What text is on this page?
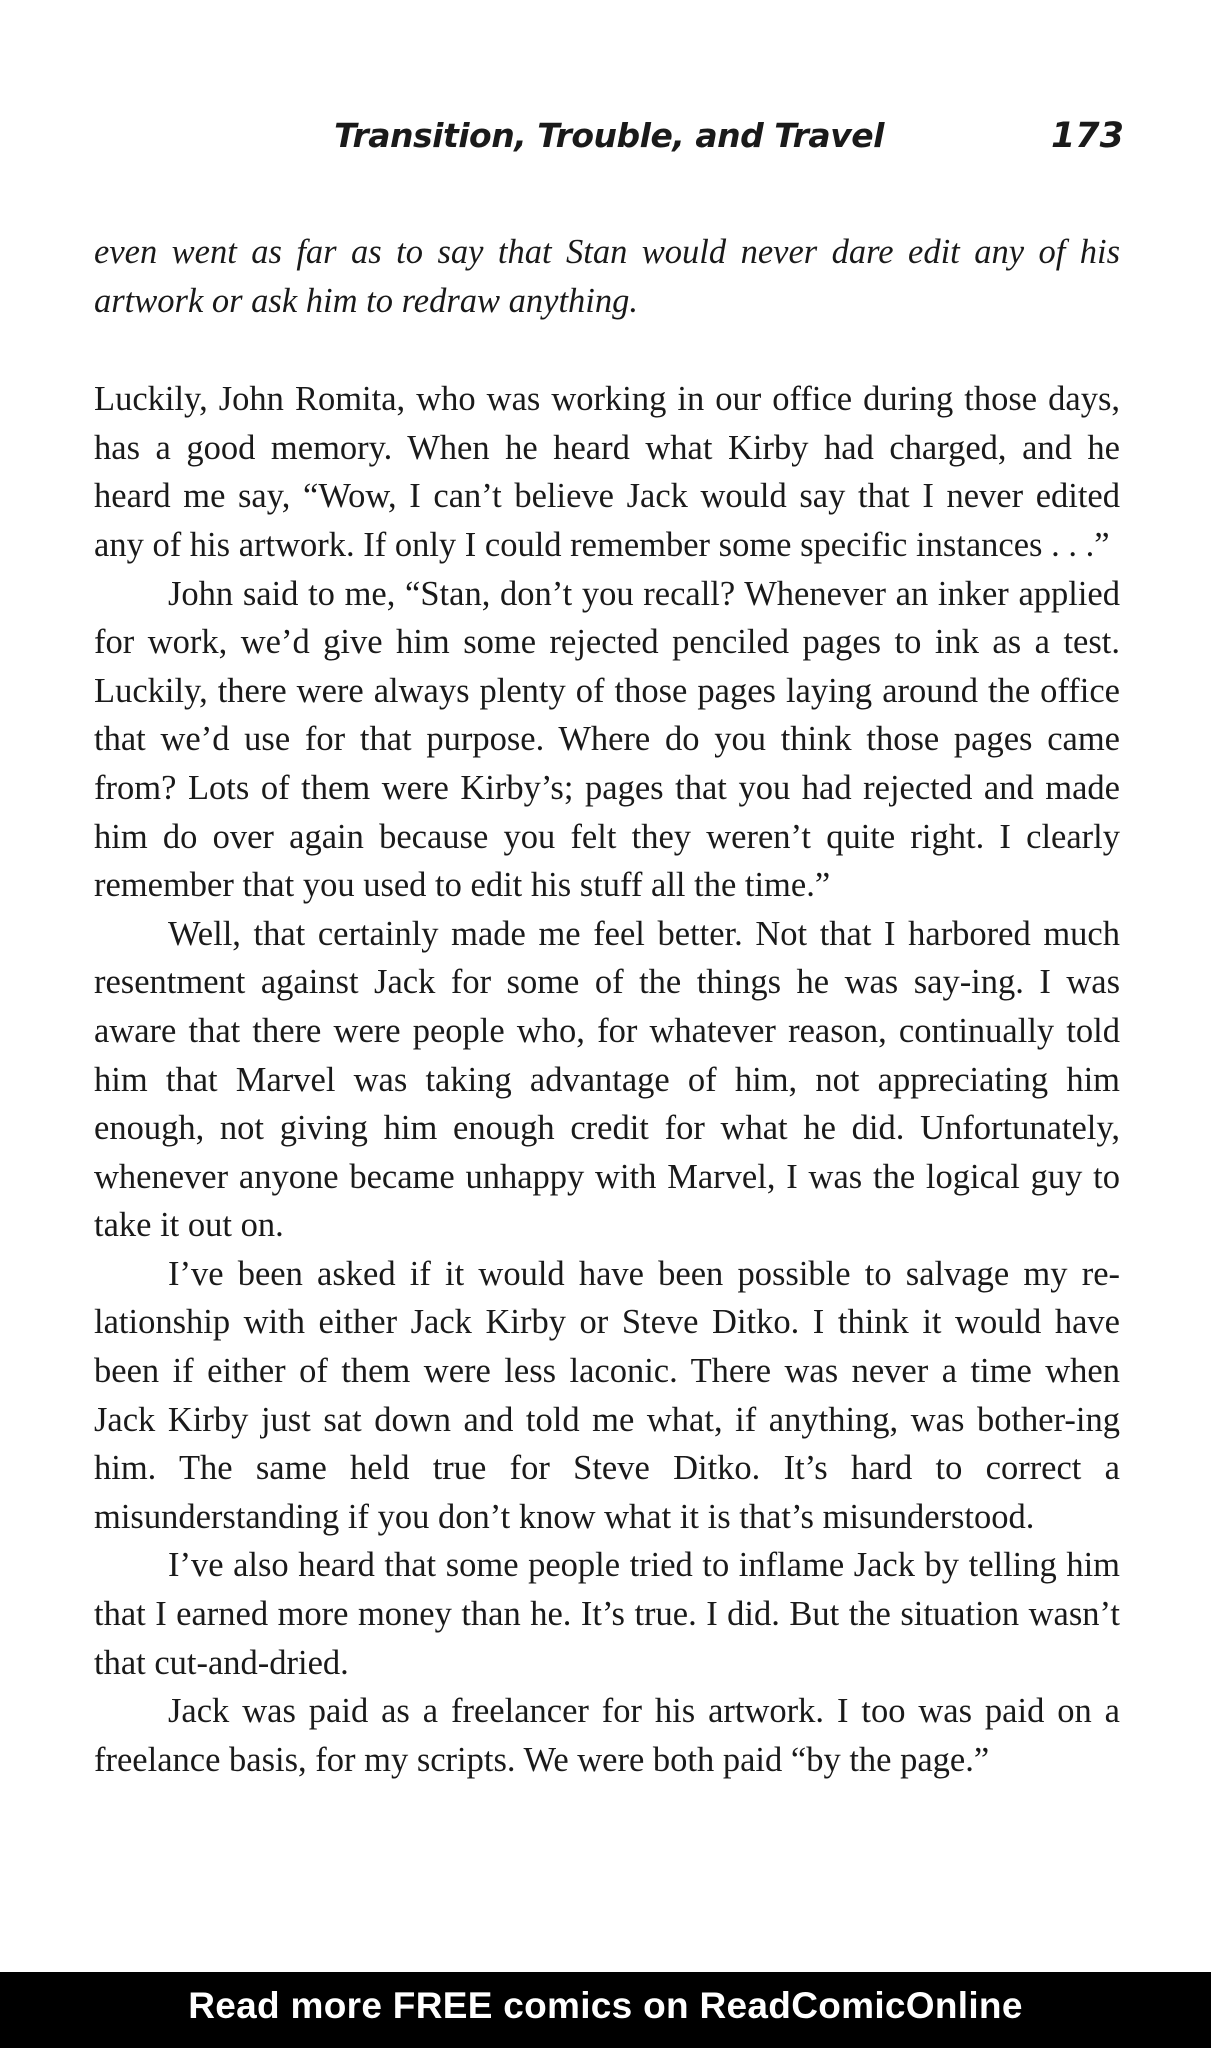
Transition, Trouble, and Travel	173

even went as far as to say that Stan would never dare edit any of his artwork or ask him to redraw anything.

Luckily, John Romita, who was working in our office during those days, has a good memory. When he heard what Kirby had charged, and he heard me say, “Wow, I can’t believe Jack would say that I never edited any of his artwork. If only I could remember some specific instances . . .”

John said to me, “Stan, don’t you recall? Whenever an inker applied for work, we’d give him some rejected penciled pages to ink as a test. Luckily, there were always plenty of those pages laying around the office that we’d use for that purpose. Where do you think those pages came from? Lots of them were Kirby’s; pages that you had rejected and made him do over again because you felt they weren’t quite right. I clearly remember that you used to edit his stuff all the time.”

Well, that certainly made me feel better. Not that I harbored much resentment against Jack for some of the things he was say-ing. I was aware that there were people who, for whatever reason, continually told him that Marvel was taking advantage of him, not appreciating him enough, not giving him enough credit for what he did. Unfortunately, whenever anyone became unhappy with Marvel, I was the logical guy to take it out on.

I’ve been asked if it would have been possible to salvage my re-lationship with either Jack Kirby or Steve Ditko. I think it would have been if either of them were less laconic. There was never a time when Jack Kirby just sat down and told me what, if anything, was bother-ing him. The same held true for Steve Ditko. It’s hard to correct a misunderstanding if you don’t know what it is that’s misunderstood.

I’ve also heard that some people tried to inflame Jack by telling him that I earned more money than he. It’s true. I did. But the situation wasn’t that cut-and-dried.

Jack was paid as a freelancer for his artwork. I too was paid on a freelance basis, for my scripts. We were both paid “by the page.”

Read more FREE comics on ReadComicOnline
